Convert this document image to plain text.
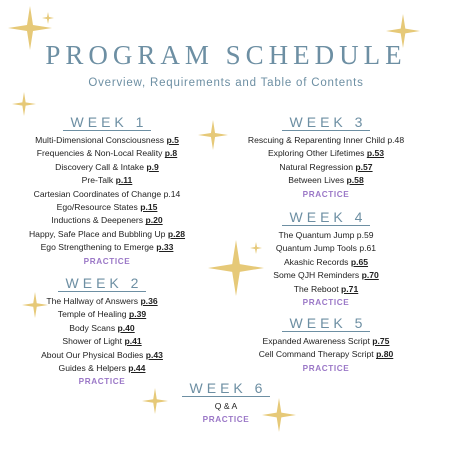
PROGRAM SCHEDULE
Overview, Requirements and Table of Contents
WEEK 1
Multi-Dimensional Consciousness p.5
Frequencies & Non-Local Reality p.8
Discovery Call & Intake p.9
Pre-Talk p.11
Cartesian Coordinates of Change p.14
Ego/Resource States p.15
Inductions & Deepeners p.20
Happy, Safe Place and Bubbling Up p.28
Ego Strengthening to Emerge p.33
PRACTICE
WEEK 2
The Hallway of Answers p.36
Temple of Healing p.39
Body Scans p.40
Shower of Light p.41
About Our Physical Bodies p.43
Guides & Helpers p.44
PRACTICE
WEEK 3
Rescuing & Reparenting Inner Child p.48
Exploring Other Lifetimes p.53
Natural Regression p.57
Between Lives p.58
PRACTICE
WEEK 4
The Quantum Jump p.59
Quantum Jump Tools p.61
Akashic Records p.65
Some QJH Reminders p.70
The Reboot p.71
PRACTICE
WEEK 5
Expanded Awareness Script p.75
Cell Command Therapy Script p.80
PRACTICE
WEEK 6
Q & A
PRACTICE
